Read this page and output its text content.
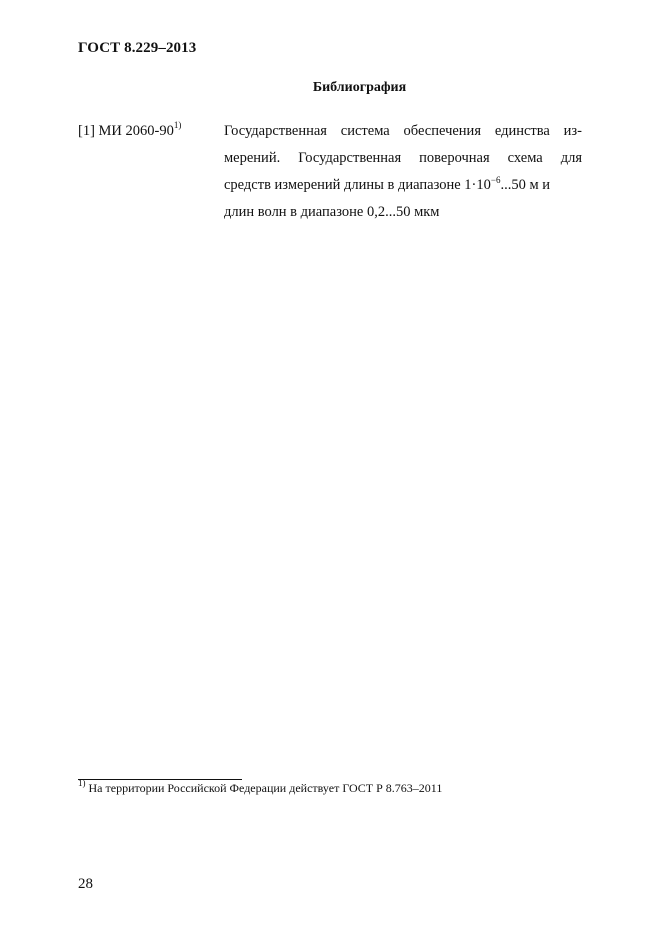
ГОСТ 8.229–2013
Библиография
[1] МИ 2060-90$^{1)}$	Государственная система обеспечения единства из-
мерений. Государственная поверочная схема для
средств измерений длины в диапазоне $1\cdot 10^{-6}...50$ м и
длин волн в диапазоне 0,2...50 мкм
$^{1)}$ На территории Российской Федерации действует ГОСТ Р 8.763–2011
28
